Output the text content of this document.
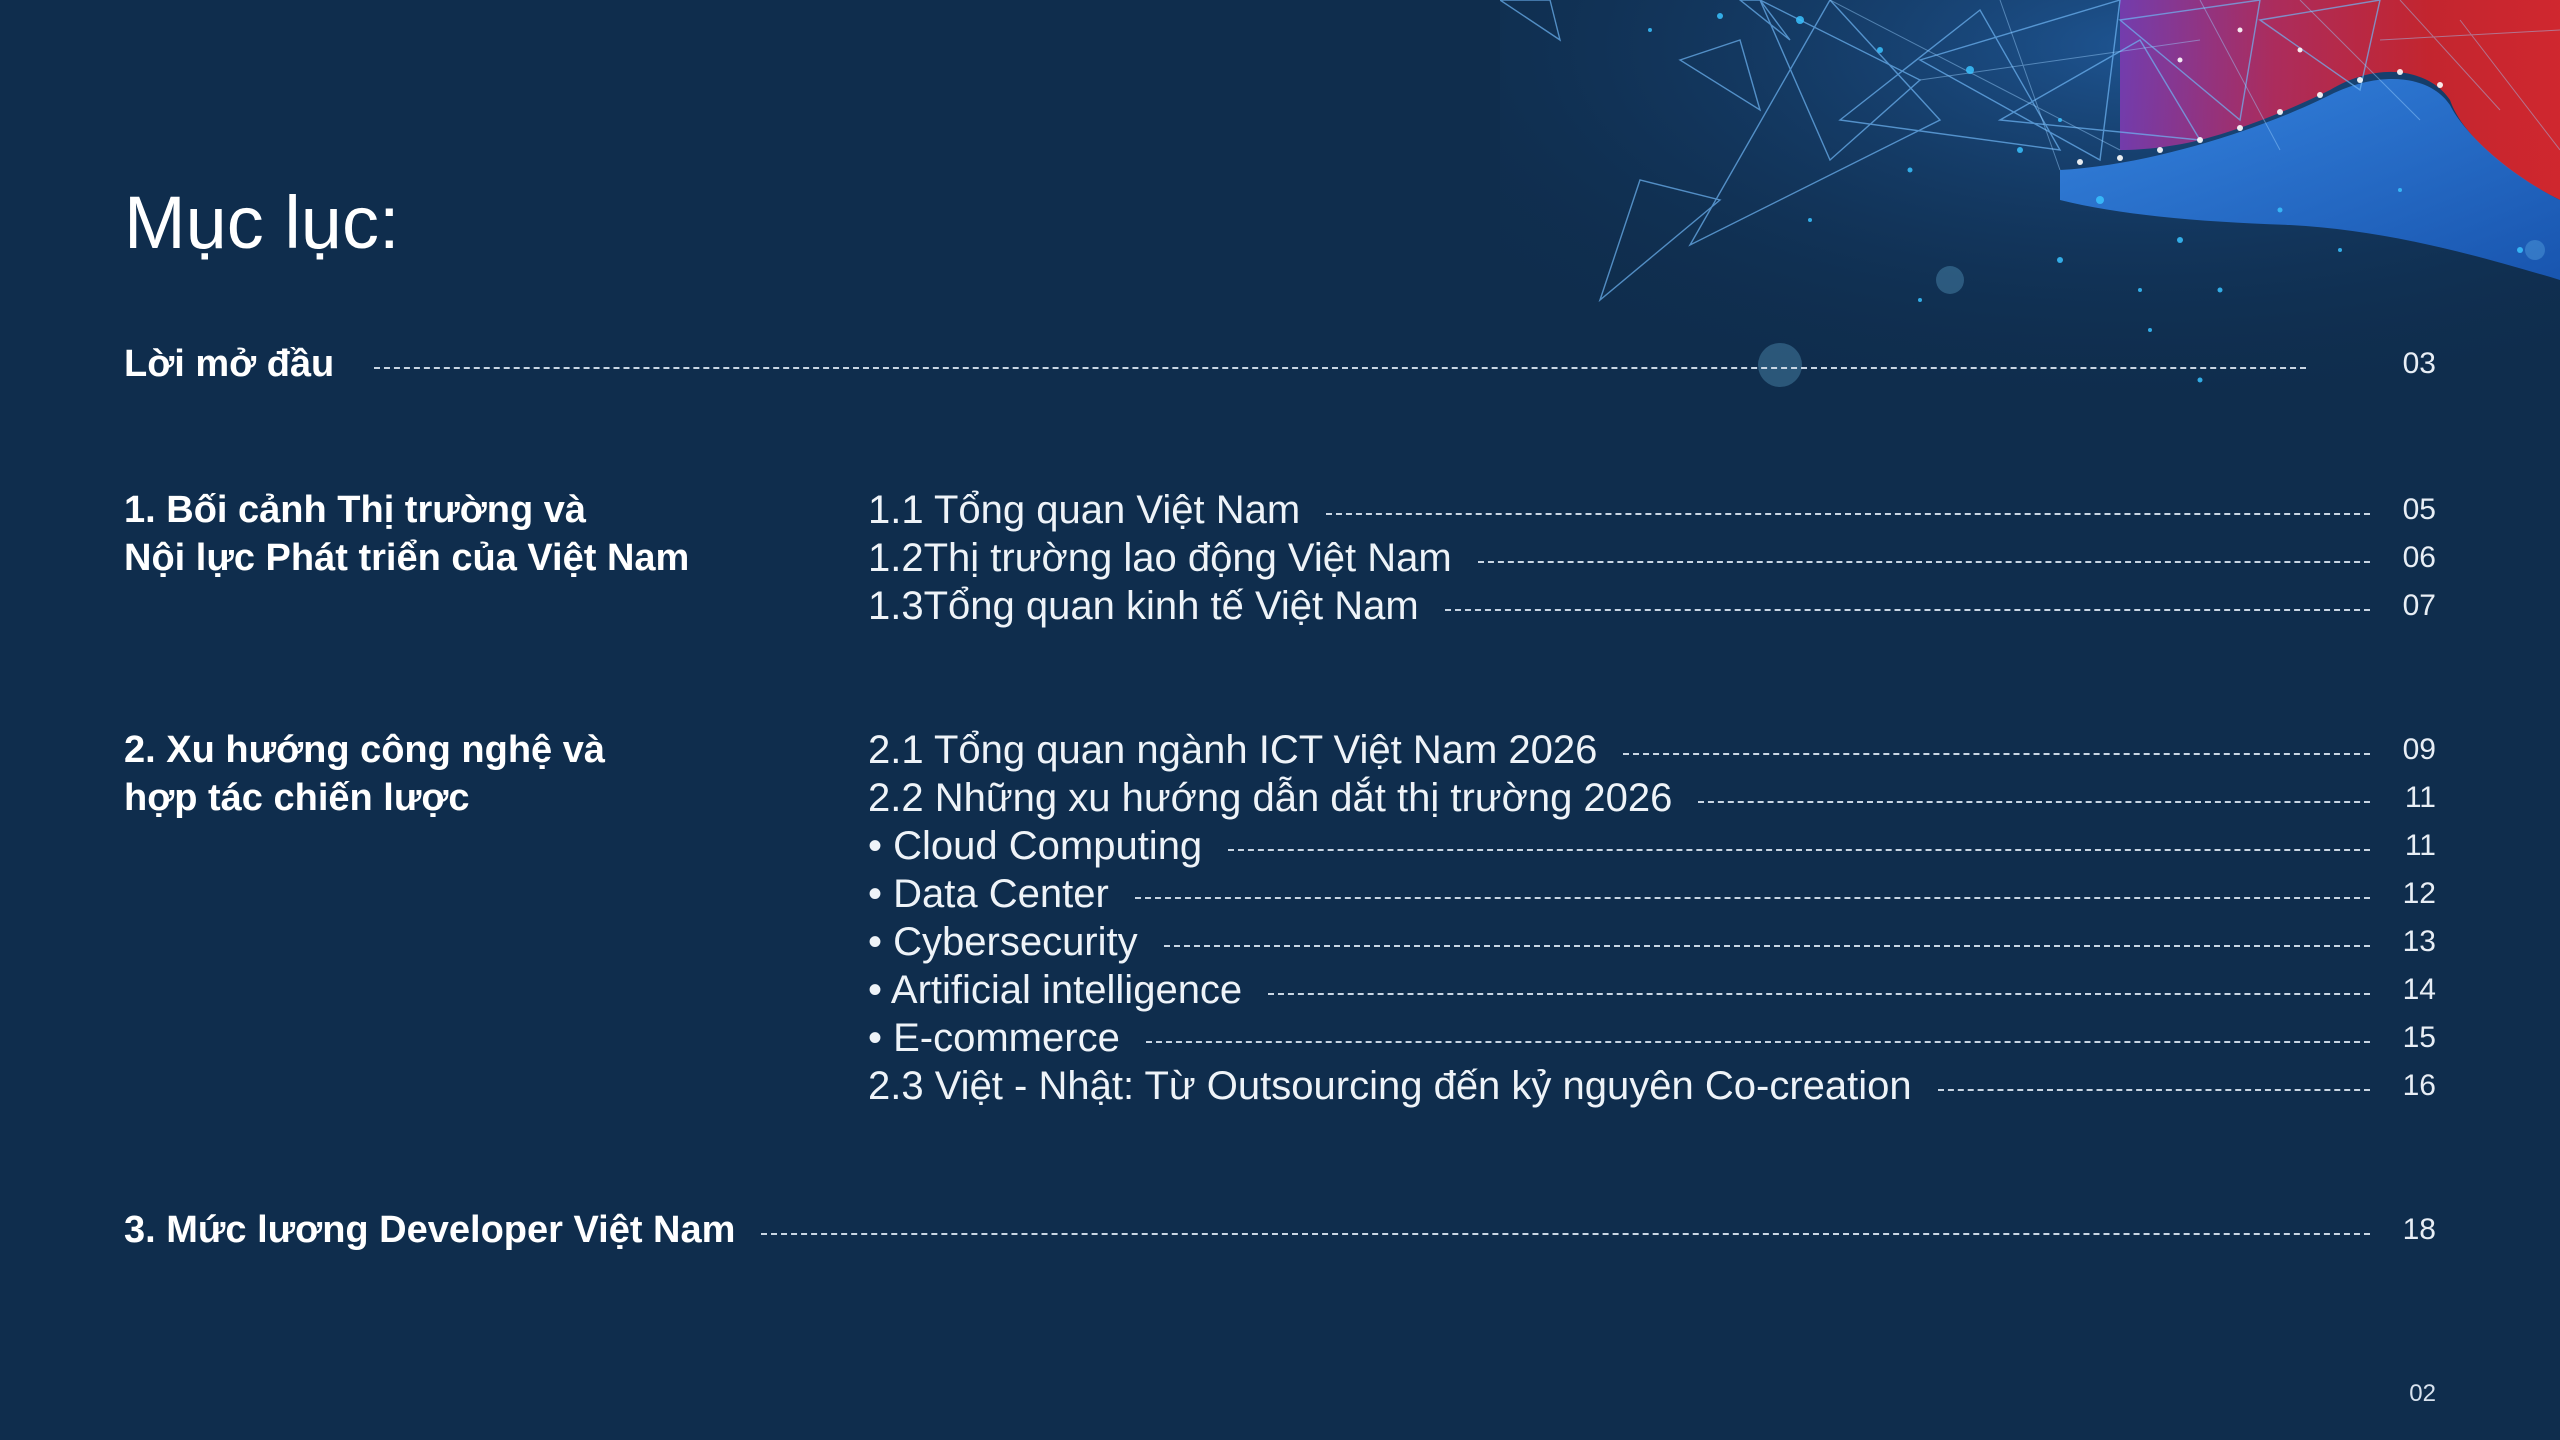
Mục lục:
Lời mở đầu	03
1. Bối cảnh Thị trường và
Nội lực Phát triển của Việt Nam
1.1 Tổng quan Việt Nam	05
1.2Thị trường lao động Việt Nam	06
1.3Tổng quan kinh tế Việt Nam	07
2. Xu hướng công nghệ và
hợp tác chiến lược
2.1 Tổng quan ngành ICT Việt Nam 2026	09
2.2 Những xu hướng dẫn dắt thị trường 2026	11
• Cloud Computing	11
• Data Center	12
• Cybersecurity	13
• Artificial intelligence	14
• E-commerce	15
2.3 Việt - Nhật: Từ Outsourcing đến kỷ nguyên Co-creation	16
3. Mức lương Developer Việt Nam	18
02
